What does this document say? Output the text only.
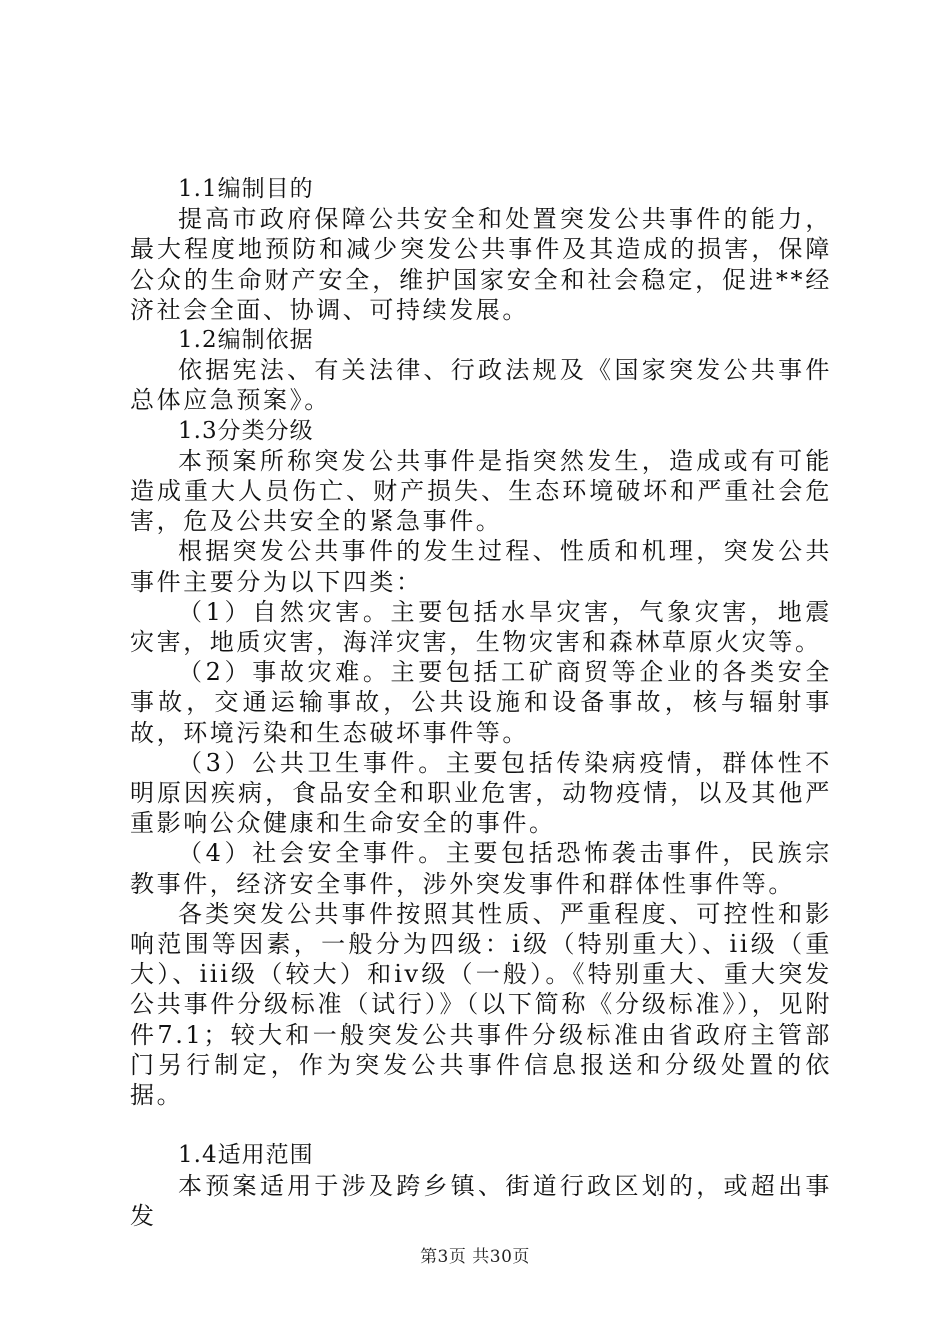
1.1编制目的

提高市政府保障公共安全和处置突发公共事件的能力，最大程度地预防和减少突发公共事件及其造成的损害，保障公众的生命财产安全，维护国家安全和社会稳定，促进**经济社会全面、协调、可持续发展。

1.2编制依据

依据宪法、有关法律、行政法规及《国家突发公共事件总体应急预案》。

1.3分类分级

本预案所称突发公共事件是指突然发生，造成或有可能造成重大人员伤亡、财产损失、生态环境破坏和严重社会危害，危及公共安全的紧急事件。

根据突发公共事件的发生过程、性质和机理，突发公共事件主要分为以下四类：

（1）自然灾害。主要包括水旱灾害，气象灾害，地震灾害，地质灾害，海洋灾害，生物灾害和森林草原火灾等。

（2）事故灾难。主要包括工矿商贸等企业的各类安全事故，交通运输事故，公共设施和设备事故，核与辐射事故，环境污染和生态破坏事件等。

（3）公共卫生事件。主要包括传染病疫情，群体性不明原因疾病，食品安全和职业危害，动物疫情，以及其他严重影响公众健康和生命安全的事件。

（4）社会安全事件。主要包括恐怖袭击事件，民族宗教事件，经济安全事件，涉外突发事件和群体性事件等。

各类突发公共事件按照其性质、严重程度、可控性和影响范围等因素，一般分为四级：i级（特别重大）、ii级（重大）、iii级（较大）和iv级（一般）。《特别重大、重大突发公共事件分级标准（试行）》（以下简称《分级标准》），见附件7.1；较大和一般突发公共事件分级标准由省政府主管部门另行制定，作为突发公共事件信息报送和分级处置的依据。

1.4适用范围

本预案适用于涉及跨乡镇、街道行政区划的，或超出事发

第3页 共30页
